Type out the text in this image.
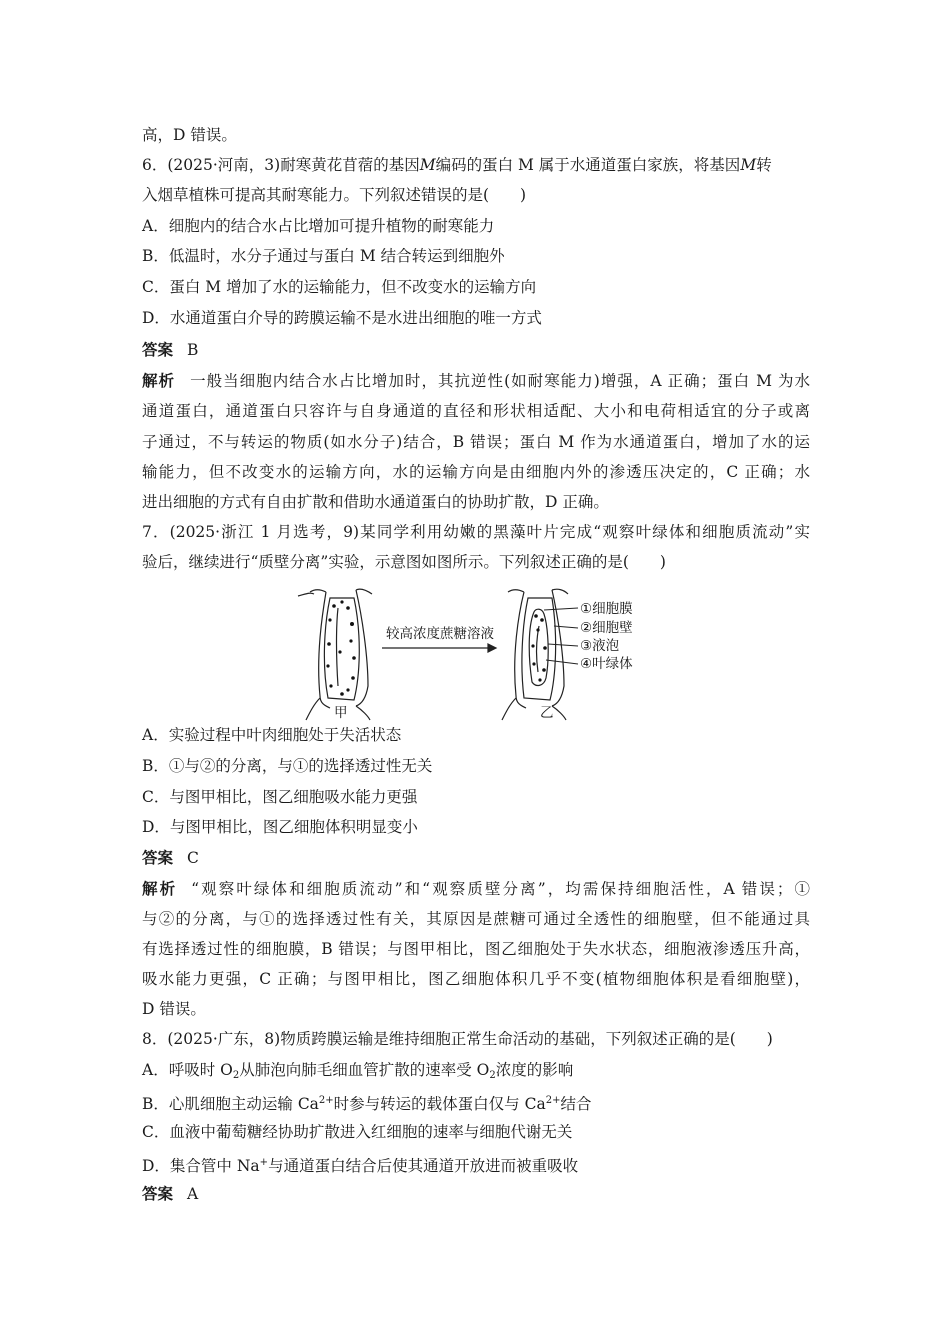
高，D 错误。
6．(2025·河南，3)耐寒黄花苜蓿的基因M编码的蛋白 M 属于水通道蛋白家族，将基因M转
入烟草植株可提高其耐寒能力。下列叙述错误的是(　　)
A．细胞内的结合水占比增加可提升植物的耐寒能力
B．低温时，水分子通过与蛋白 M 结合转运到细胞外
C．蛋白 M 增加了水的运输能力，但不改变水的运输方向
D．水通道蛋白介导的跨膜运输不是水进出细胞的唯一方式
答案 B
解析 一般当细胞内结合水占比增加时，其抗逆性(如耐寒能力)增强，A 正确；蛋白 M 为水
通道蛋白，通道蛋白只容许与自身通道的直径和形状相适配、大小和电荷相适宜的分子或离
子通过，不与转运的物质(如水分子)结合，B 错误；蛋白 M 作为水通道蛋白，增加了水的运
输能力，但不改变水的运输方向，水的运输方向是由细胞内外的渗透压决定的，C 正确；水
进出细胞的方式有自由扩散和借助水通道蛋白的协助扩散，D 正确。
7．(2025·浙江 1 月选考，9)某同学利用幼嫩的黑藻叶片完成“观察叶绿体和细胞质流动”实
验后，继续进行“质壁分离”实验，示意图如图所示。下列叙述正确的是(　　)
较高浓度蔗糖溶液
甲
①细胞膜
②细胞壁
③液泡
④叶绿体
乙
A．实验过程中叶肉细胞处于失活状态
B．①与②的分离，与①的选择透过性无关
C．与图甲相比，图乙细胞吸水能力更强
D．与图甲相比，图乙细胞体积明显变小
答案 C
解析 “观察叶绿体和细胞质流动”和“观察质壁分离”，均需保持细胞活性，A 错误；①
与②的分离，与①的选择透过性有关，其原因是蔗糖可通过全透性的细胞壁，但不能通过具
有选择透过性的细胞膜，B 错误；与图甲相比，图乙细胞处于失水状态，细胞液渗透压升高，
吸水能力更强，C 正确；与图甲相比，图乙细胞体积几乎不变(植物细胞体积是看细胞壁)，
D 错误。
8．(2025·广东，8)物质跨膜运输是维持细胞正常生命活动的基础，下列叙述正确的是(　　)
A．呼吸时 $O_2$从肺泡向肺毛细血管扩散的速率受 $O_2$浓度的影响
B．心肌细胞主动运输 $Ca^{2+}$时参与转运的载体蛋白仅与 $Ca^{2+}$结合
C．血液中葡萄糖经协助扩散进入红细胞的速率与细胞代谢无关
D．集合管中 Na+与通道蛋白结合后使其通道开放进而被重吸收
答案 A
